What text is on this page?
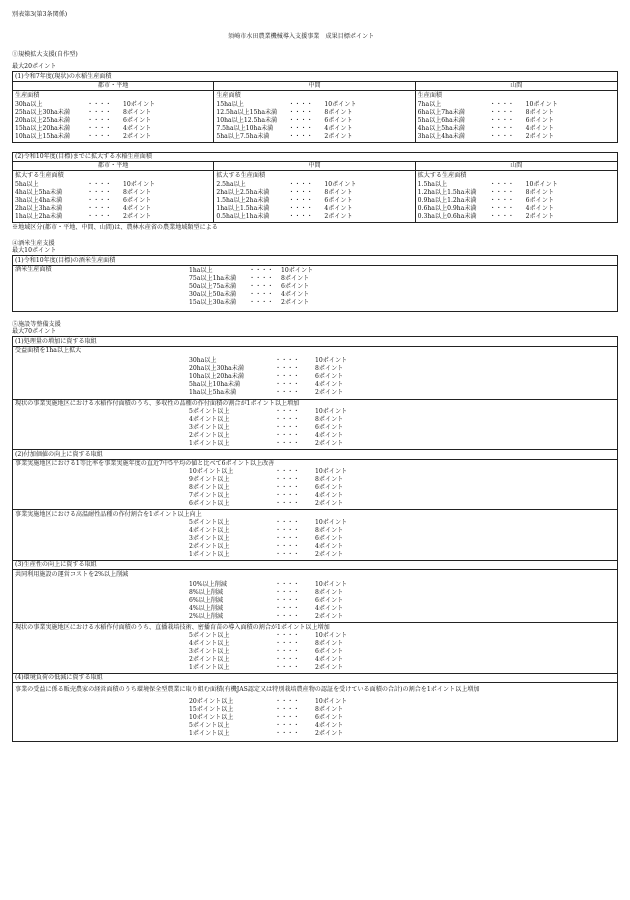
別表第3(第3条関係)
須崎市水田農業機械導入支援事業　成果目標ポイント
①規模拡大支援(自作型)
最大20ポイント
(1)令和7年度(現状)の水稲生産面積
都市・平地
生産面積
30ha以上	・・・・	10ポイント
25ha以上30ha未満	・・・・	8ポイント
20ha以上25ha未満	・・・・	6ポイント
15ha以上20ha未満	・・・・	4ポイント
10ha以上15ha未満	・・・・	2ポイント
中間
生産面積
15ha以上	・・・・	10ポイント
12.5ha以上15ha未満	・・・・	8ポイント
10ha以上12.5ha未満	・・・・	6ポイント
7.5ha以上10ha未満	・・・・	4ポイント
5ha以上7.5ha未満	・・・・	2ポイント
山間
生産面積
7ha以上	・・・・	10ポイント
6ha以上7ha未満	・・・・	8ポイント
5ha以上6ha未満	・・・・	6ポイント
4ha以上5ha未満	・・・・	4ポイント
3ha以上4ha未満	・・・・	2ポイント
(2)令和10年度(目標)までに拡大する水稲生産面積
都市・平地
拡大する生産面積
5ha以上	・・・・	10ポイント
4ha以上5ha未満	・・・・	8ポイント
3ha以上4ha未満	・・・・	6ポイント
2ha以上3ha未満	・・・・	4ポイント
1ha以上2ha未満	・・・・	2ポイント
中間
拡大する生産面積
2.5ha以上	・・・・	10ポイント
2ha以上2.5ha未満	・・・・	8ポイント
1.5ha以上2ha未満	・・・・	6ポイント
1ha以上1.5ha未満	・・・・	4ポイント
0.5ha以上1ha未満	・・・・	2ポイント
山間
拡大する生産面積
1.5ha以上	・・・・	10ポイント
1.2ha以上1.5ha未満	・・・・	8ポイント
0.9ha以上1.2ha未満	・・・・	6ポイント
0.6ha以上0.9ha未満	・・・・	4ポイント
0.3ha以上0.6ha未満	・・・・	2ポイント
※地域区分(都市・平地、中間、山間)は、農林水産省の農業地域類型による
④酒米生産支援
最大10ポイント
(1)令和10年度(目標)の酒米生産面積
酒米生産面積	1ha以上	・・・・	10ポイント
75a以上1ha未満	・・・・	8ポイント
50a以上75a未満	・・・・	6ポイント
30a以上50a未満	・・・・	4ポイント
15a以上30a未満	・・・・	2ポイント
⑤施設等整備支援
最大70ポイント
(1)処理量の増加に資する取組
受益面積を1ha以上拡大
30ha以上	・・・・	10ポイント
20ha以上30ha未満	・・・・	8ポイント
10ha以上20ha未満	・・・・	6ポイント
5ha以上10ha未満	・・・・	4ポイント
1ha以上5ha未満	・・・・	2ポイント
現状の事業実施地区における水稲作付面積のうち、多収性の品種の作付面積の割合が1ポイント以上増加
5ポイント以上	・・・・	10ポイント
4ポイント以上	・・・・	8ポイント
3ポイント以上	・・・・	6ポイント
2ポイント以上	・・・・	4ポイント
1ポイント以上	・・・・	2ポイント
(2)付加価値の向上に資する取組
事業実施地区における1等比率を事業実施年度の直近7中5平均の値と比べて6ポイント以上改善
10ポイント以上	・・・・	10ポイント
9ポイント以上	・・・・	8ポイント
8ポイント以上	・・・・	6ポイント
7ポイント以上	・・・・	4ポイント
6ポイント以上	・・・・	2ポイント
事業実施地区における高温耐性品種の作付割合を1ポイント以上向上
5ポイント以上	・・・・	10ポイント
4ポイント以上	・・・・	8ポイント
3ポイント以上	・・・・	6ポイント
2ポイント以上	・・・・	4ポイント
1ポイント以上	・・・・	2ポイント
(3)生産性の向上に資する取組
共同利用施設の運営コストを2%以上削減
10%以上削減	・・・・	10ポイント
8%以上削減	・・・・	8ポイント
6%以上削減	・・・・	6ポイント
4%以上削減	・・・・	4ポイント
2%以上削減	・・・・	2ポイント
現状の事業実施地区における水稲作付面積のうち、直播栽培技術、密播育苗の導入面積の割合が1ポイント以上増加
5ポイント以上	・・・・	10ポイント
4ポイント以上	・・・・	8ポイント
3ポイント以上	・・・・	6ポイント
2ポイント以上	・・・・	4ポイント
1ポイント以上	・・・・	2ポイント
(4)環境負荷の低減に資する取組
事業の受益に係る販売農家の経営面積のうち環境保全型農業に取り組む面積(有機JAS認定又は特別栽培農産物の認証を受けている面積の合計)の割合を1ポイント以上増加
20ポイント以上	・・・・	10ポイント
15ポイント以上	・・・・	8ポイント
10ポイント以上	・・・・	6ポイント
5ポイント以上	・・・・	4ポイント
1ポイント以上	・・・・	2ポイント
